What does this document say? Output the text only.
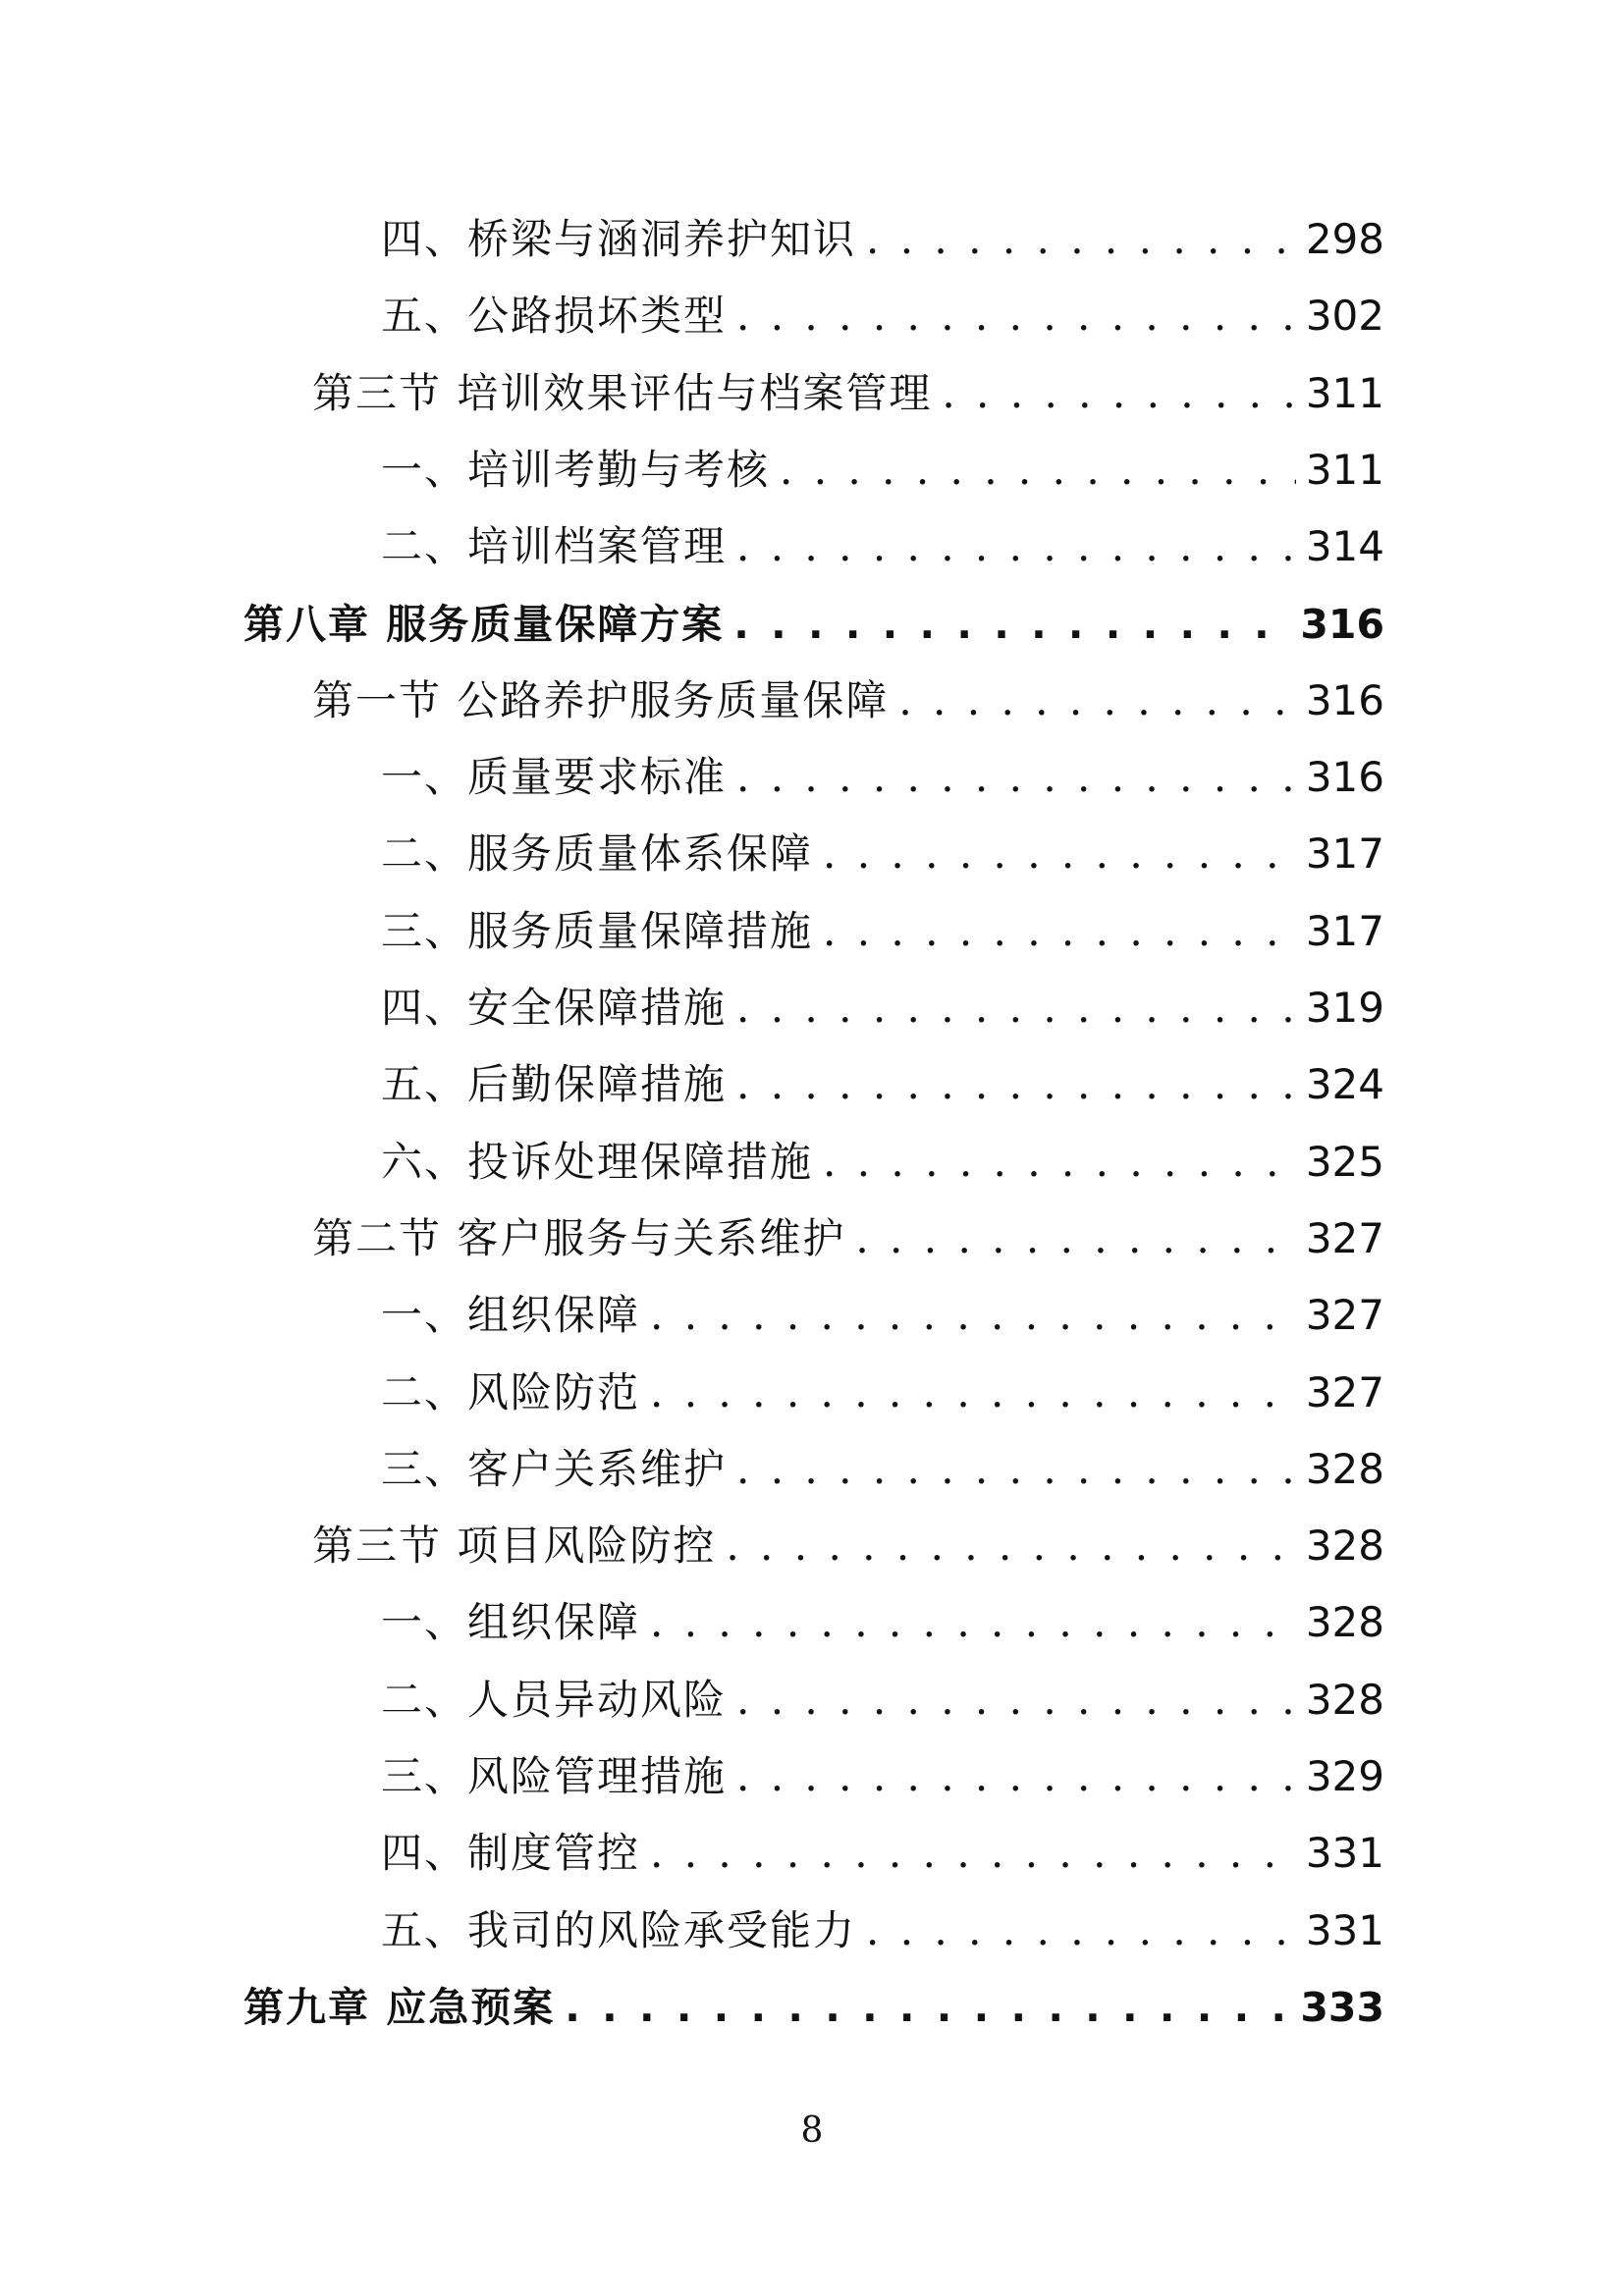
四、桥梁与涵洞养护知识 . . .	298
五、公路损坏类型 . . .	302
第三节 培训效果评估与档案管理 . . .	311
一、培训考勤与考核 . . .	311
二、培训档案管理 . . .	314
第八章 服务质量保障方案 . . .	316
第一节 公路养护服务质量保障 . . .	316
一、质量要求标准 . . .	316
二、服务质量体系保障 . . .	317
三、服务质量保障措施 . . .	317
四、安全保障措施 . . .	319
五、后勤保障措施 . . .	324
六、投诉处理保障措施 . . .	325
第二节 客户服务与关系维护 . . .	327
一、组织保障 . . .	327
二、风险防范 . . .	327
三、客户关系维护 . . .	328
第三节 项目风险防控 . . .	328
一、组织保障 . . .	328
二、人员异动风险 . . .	328
三、风险管理措施 . . .	329
四、制度管控 . . .	331
五、我司的风险承受能力 . . .	331
第九章 应急预案 . . .	333
8
